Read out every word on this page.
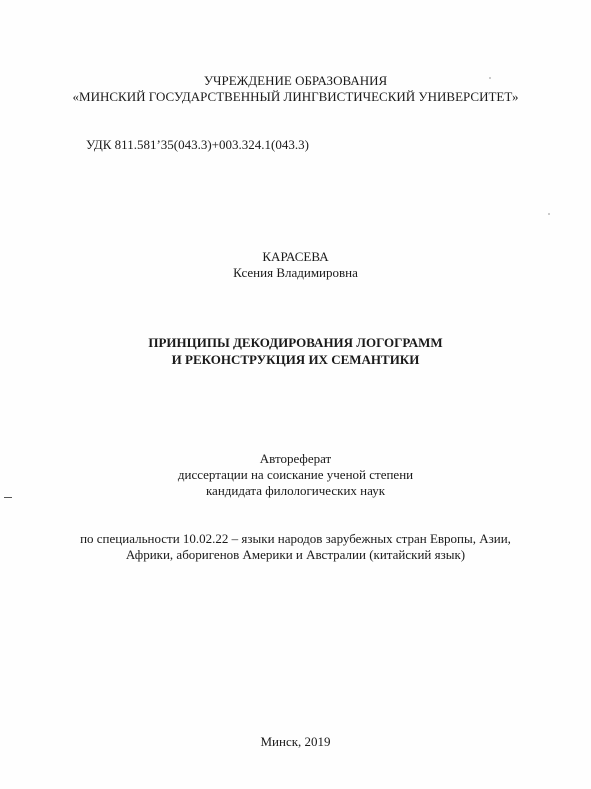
УЧРЕЖДЕНИЕ ОБРАЗОВАНИЯ
«МИНСКИЙ ГОСУДАРСТВЕННЫЙ ЛИНГВИСТИЧЕСКИЙ УНИВЕРСИТЕТ»
УДК 811.581’35(043.3)+003.324.1(043.3)
КАРАСЕВА
Ксения Владимировна
ПРИНЦИПЫ ДЕКОДИРОВАНИЯ ЛОГОГРАММ
И РЕКОНСТРУКЦИЯ ИХ СЕМАНТИКИ
Автореферат
диссертации на соискание ученой степени
кандидата филологических наук
по специальности 10.02.22 – языки народов зарубежных стран Европы, Азии,
Африки, аборигенов Америки и Австралии (китайский язык)
Минск, 2019
